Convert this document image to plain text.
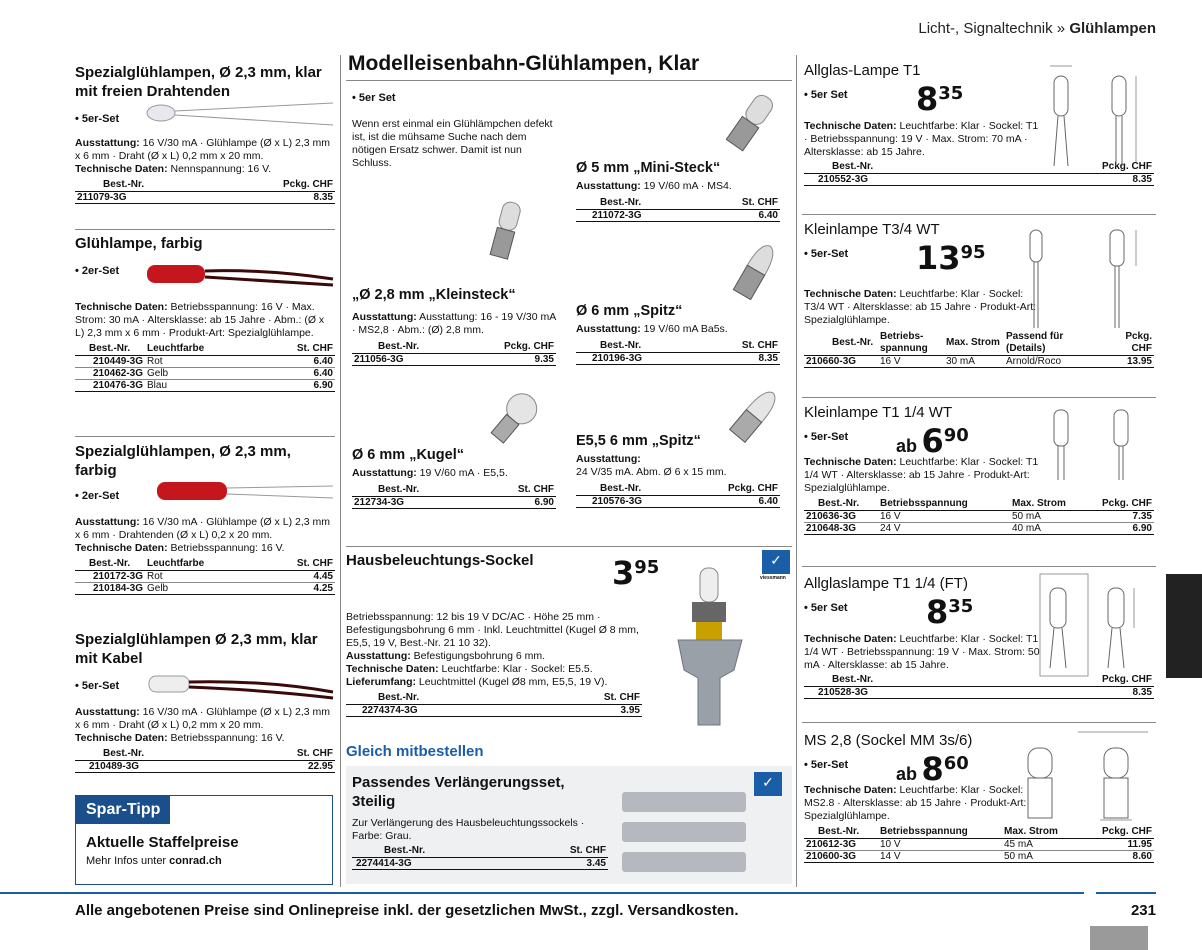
Licht-, Signaltechnik » Glühlampen
Spezialglühlampen, Ø 2,3 mm, klar mit freien Drahtenden
• 5er-Set
Ausstattung: 16 V/30 mA · Glühlampe (Ø x L) 2,3 mm x 6 mm · Draht (Ø x L) 0,2 mm x 20 mm.
Technische Daten: Nennspannung: 16 V.
Best.-Nr.	Pckg. CHF
211079-3G	8.35
Glühlampe, farbig
• 2er-Set
Technische Daten: Betriebsspannung: 16 V · Max. Strom: 30 mA · Altersklasse: ab 15 Jahre · Abm.: (Ø x L) 2,3 mm x 6 mm · Produkt-Art: Spezialglühlampe.
Best.-Nr.	Leuchtfarbe	St. CHF
210449-3G	Rot	6.40
210462-3G	Gelb	6.40
210476-3G	Blau	6.90
Spezialglühlampen, Ø 2,3 mm, farbig
• 2er-Set
Ausstattung: 16 V/30 mA · Glühlampe (Ø x L) 2,3 mm x 6 mm · Drahtenden (Ø x L) 0,2 x 20 mm.
Technische Daten: Betriebsspannung: 16 V.
Best.-Nr.	Leuchtfarbe	St. CHF
210172-3G	Rot	4.45
210184-3G	Gelb	4.25
Spezialglühlampen Ø 2,3 mm, klar mit Kabel
• 5er-Set
Ausstattung: 16 V/30 mA · Glühlampe (Ø x L) 2,3 mm x 6 mm · Draht (Ø x L) 0,2 mm x 20 mm.
Technische Daten: Betriebsspannung: 16 V.
Best.-Nr.	St. CHF
210489-3G	22.95
Spar-Tipp
Aktuelle Staffelpreise
Mehr Infos unter conrad.ch
Modelleisenbahn-Glühlampen, Klar
• 5er Set
Wenn erst einmal ein Glühlämpchen defekt ist, ist die mühsame Suche nach dem nötigen Ersatz schwer. Damit ist nun Schluss.	Ø 5 mm „Mini-Steck“
Ausstattung: 19 V/60 mA · MS4.
Best.-Nr.	St. CHF
211072-3G	6.40
„Ø 2,8 mm „Kleinsteck“
Ausstattung: Ausstattung: 16 - 19 V/30 mA · MS2,8 · Abm.: (Ø) 2,8 mm.
Best.-Nr.	Pckg. CHF
211056-3G	9.35
Ø 6 mm „Spitz“
Ausstattung: 19 V/60 mA Ba5s.
Best.-Nr.	St. CHF
210196-3G	8.35
Ø 6 mm „Kugel“
Ausstattung: 19 V/60 mA · E5,5.
Best.-Nr.	St. CHF
212734-3G	6.90
E5,5 6 mm „Spitz“
Ausstattung:
24 V/35 mA. Abm. Ø 6 x 15 mm.
Best.-Nr.	Pckg. CHF
210576-3G	6.40
Hausbeleuchtungs-Sockel	395
Betriebsspannung: 12 bis 19 V DC/AC · Höhe 25 mm · Befestigungsbohrung 6 mm · Inkl. Leuchtmittel (Kugel Ø 8 mm, E5,5, 19 V, Best.-Nr. 21 10 32).
Ausstattung: Befestigungsbohrung 6 mm.
Technische Daten: Leuchtfarbe: Klar · Sockel: E5.5.
Lieferumfang: Leuchtmittel (Kugel Ø8 mm, E5,5, 19 V).
Best.-Nr.	St. CHF
2274374-3G	3.95
✓
viessmann
Gleich mitbestellen
Passendes Verlängerungsset, 3teilig
Zur Verlängerung des Hausbeleuchtungssockels · Farbe: Grau.
Best.-Nr.	St. CHF
2274414-3G	3.45
✓
Allglas-Lampe T1
• 5er Set	835
Technische Daten: Leuchtfarbe: Klar · Sockel: T1 · Betriebsspannung: 19 V · Max. Strom: 70 mA · Altersklasse: ab 15 Jahre.
Best.-Nr.	Pckg. CHF
210552-3G	8.35
Kleinlampe T3/4 WT
• 5er-Set	1395
Technische Daten: Leuchtfarbe: Klar · Sockel: T3/4 WT · Altersklasse: ab 15 Jahre · Produkt-Art: Spezialglühlampe.
Best.-Nr.	Betriebs-spannung	Max. Strom	Passend für (Details)	Pckg. CHF
210660-3G	16 V	30 mA	Arnold/Roco	13.95
Kleinlampe T1 1/4 WT
• 5er-Set	ab 690
Technische Daten: Leuchtfarbe: Klar · Sockel: T1 1/4 WT · Altersklasse: ab 15 Jahre · Produkt-Art: Spezialglühlampe.
Best.-Nr.	Betriebsspannung	Max. Strom	Pckg. CHF
210636-3G	16 V	50 mA	7.35
210648-3G	24 V	40 mA	6.90
Allglaslampe T1 1/4 (FT)
• 5er Set	835
Technische Daten: Leuchtfarbe: Klar · Sockel: T1 1/4 WT · Betriebsspannung: 19 V · Max. Strom: 50 mA · Altersklasse: ab 15 Jahre.
Best.-Nr.	Pckg. CHF
210528-3G	8.35
MS 2,8 (Sockel MM 3s/6)
• 5er-Set	ab 860
Technische Daten: Leuchtfarbe: Klar · Sockel: MS2.8 · Altersklasse: ab 15 Jahre · Produkt-Art: Spezialglühlampe.
Best.-Nr.	Betriebsspannung	Max. Strom	Pckg. CHF
210612-3G	10 V	45 mA	11.95
210600-3G	14 V	50 mA	8.60
Alle angebotenen Preise sind Onlinepreise inkl. der gesetzlichen MwSt., zzgl. Versandkosten.	231
